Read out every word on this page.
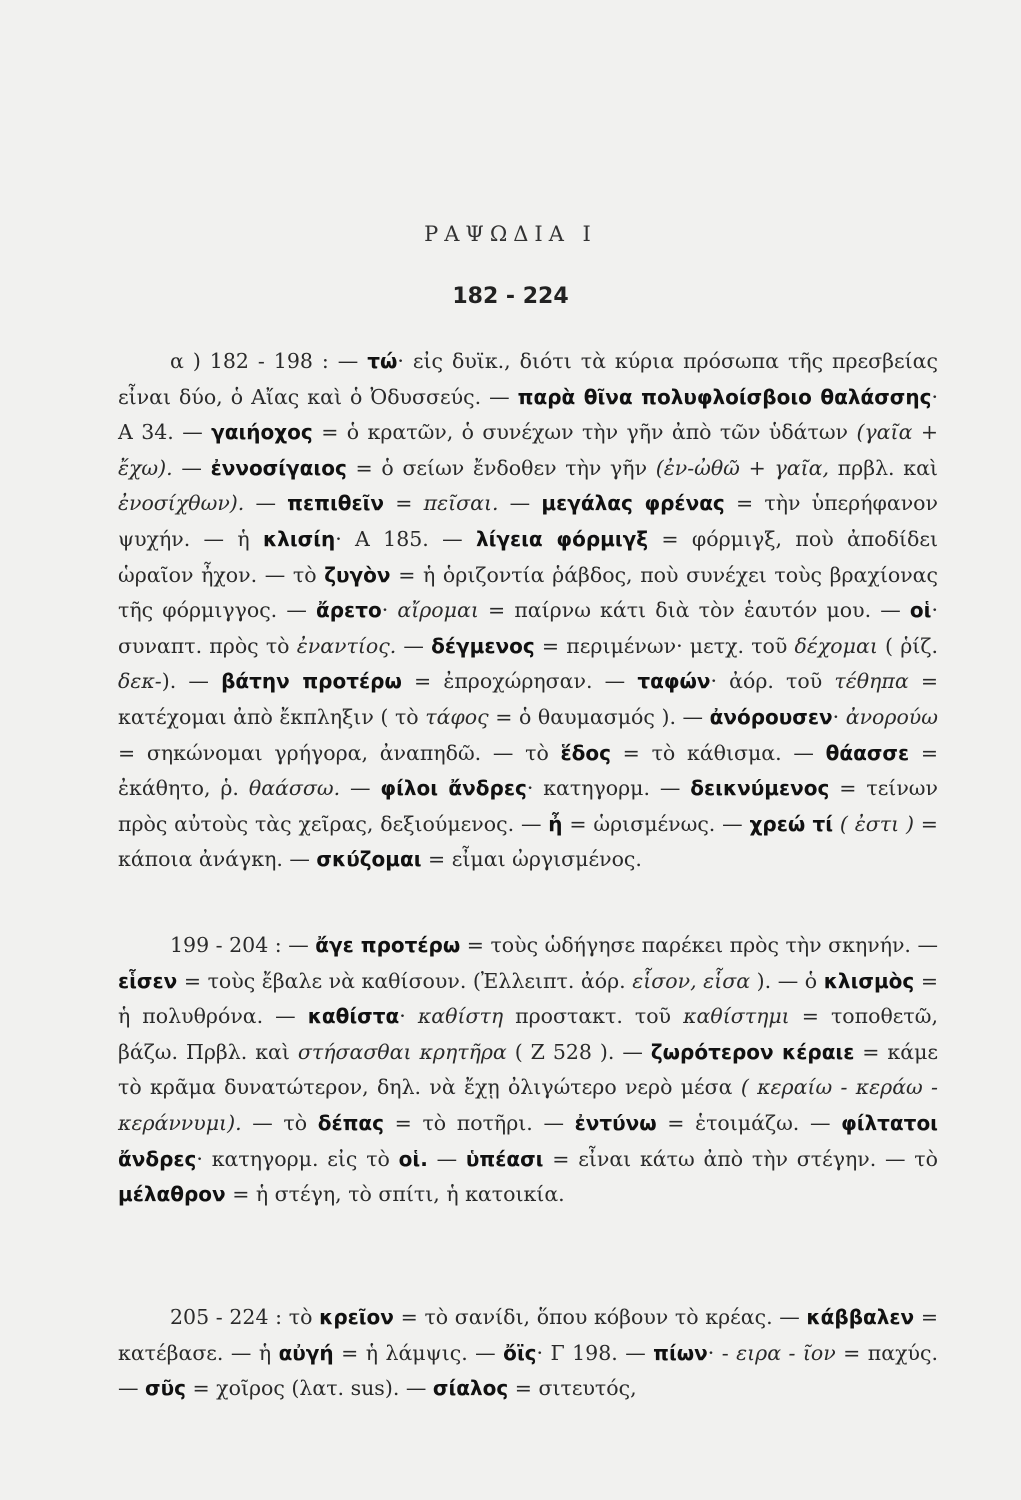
ΡΑΨΩΔΙΑ Ι
182 - 224
α ) 182 - 198 : — τώ· εἰς δυϊκ., διότι τὰ κύρια πρόσωπα τῆς πρεσβείας εἶναι δύο, ὁ Αἴας καὶ ὁ Ὀδυσσεύς. — παρὰ θῖνα πολυφλοίσβοιο θαλάσσης· Α 34. — γαιήοχος = ὁ κρατῶν, ὁ συνέχων τὴν γῆν ἀπὸ τῶν ὑδάτων (γαῖα + ἔχω). — ἐννοσίγαιος = ὁ σείων ἔνδοθεν τὴν γῆν (ἐν-ὠθῶ + γαῖα, πρβλ. καὶ ἐνοσίχθων). — πεπιθεῖν = πεῖσαι. — μεγάλας φρένας = τὴν ὑπερήφανον ψυχήν. — ἡ κλισίη· Α 185. — λίγεια φόρμιγξ = φόρμιγξ, ποὺ ἀποδίδει ὡραῖον ἦχον. — τὸ ζυγὸν = ἡ ὁριζοντία ῥάβδος, ποὺ συνέχει τοὺς βραχίονας τῆς φόρμιγγος. — ἄρετο· αἴρομαι = παίρνω κάτι διὰ τὸν ἑαυτόν μου. — οἱ· συναπτ. πρὸς τὸ ἐναντίος. — δέγμενος = περιμένων· μετχ. τοῦ δέχομαι ( ῥίζ. δεκ-). — βάτην προτέρω = ἐπροχώρησαν. — ταφών· ἀόρ. τοῦ τέθηπα = κατέχομαι ἀπὸ ἔκπληξιν ( τὸ τάφος = ὁ θαυμασμός ). — ἀνόρουσεν· ἀνορούω = σηκώνομαι γρήγορα, ἀναπηδῶ. — τὸ ἕδος = τὸ κάθισμα. — θάασσε = ἐκάθητο, ῥ. θαάσσω. — φίλοι ἄνδρες· κατηγορμ. — δεικνύμενος = τείνων πρὸς αὐτοὺς τὰς χεῖρας, δεξιούμενος. — ἦ = ὡρισμένως. — χρεώ τί ( ἐστι ) = κάποια ἀνάγκη. — σκύζομαι = εἶμαι ὠργισμένος.
199 - 204 : — ἄγε προτέρω = τοὺς ὡδήγησε παρέκει πρὸς τὴν σκηνήν. — εἷσεν = τοὺς ἔβαλε νὰ καθίσουν. (Ἐλλειπτ. ἀόρ. εἷσον, εἷσα ). — ὁ κλισμὸς = ἡ πολυθρόνα. — καθίστα· καθίστη προστακτ. τοῦ καθίστημι = τοποθετῶ, βάζω. Πρβλ. καὶ στήσασθαι κρητῆρα ( Ζ 528 ). — ζωρότερον κέραιε = κάμε τὸ κρᾶμα δυνατώτερον, δηλ. νὰ ἔχῃ ὀλιγώτερο νερὸ μέσα ( κεραίω - κεράω - κεράννυμι). — τὸ δέπας = τὸ ποτῆρι. — ἐντύνω = ἑτοιμάζω. — φίλτατοι ἄνδρες· κατηγορμ. εἰς τὸ οἱ. — ὑπέασι = εἶναι κάτω ἀπὸ τὴν στέγην. — τὸ μέλαθρον = ἡ στέγη, τὸ σπίτι, ἡ κατοικία.
205 - 224 : τὸ κρεῖον = τὸ σανίδι, ὅπου κόβουν τὸ κρέας. — κάββαλεν = κατέβασε. — ἡ αὐγή = ἡ λάμψις. — ὄϊς· Γ 198. — πίων· - ειρα - ῖον = παχύς. — σῦς = χοῖρος (λατ. sus). — σίαλος = σιτευτός,
